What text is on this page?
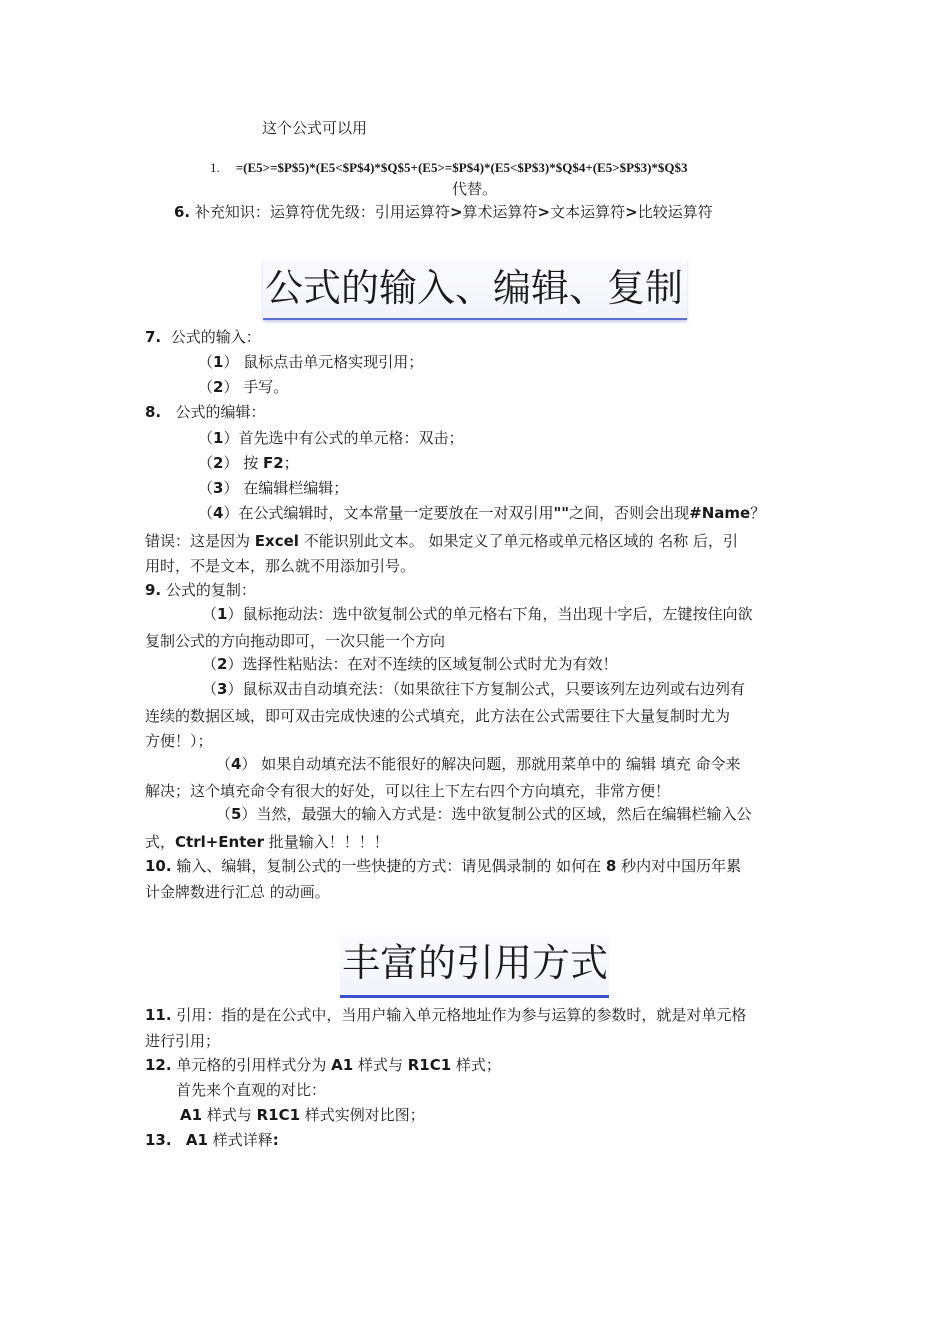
这个公式可以用
1. =(E5>=$P$5)*(E5<$P$4)*$Q$5+(E5>=$P$4)*(E5<$P$3)*$Q$4+(E5>$P$3)*$Q$3
代替。
6. 补充知识：运算符优先级：引用运算符>算术运算符>文本运算符>比较运算符
公式的输入、编辑、复制
7. 公式的输入：
（1） 鼠标点击单元格实现引用；
（2） 手写。
8. 公式的编辑：
（1）首先选中有公式的单元格：双击；
（2） 按 F2；
（3） 在编辑栏编辑；
（4）在公式编辑时，文本常量一定要放在一对双引用""之间，否则会出现#Name？
错误：这是因为 Excel 不能识别此文本。 如果定义了单元格或单元格区域的 名称 后，引
用时，不是文本，那么就不用添加引号。
9. 公式的复制：
（1）鼠标拖动法：选中欲复制公式的单元格右下角，当出现十字后，左键按住向欲
复制公式的方向拖动即可，一次只能一个方向
（2）选择性粘贴法：在对不连续的区域复制公式时尤为有效！
（3）鼠标双击自动填充法：（如果欲往下方复制公式，只要该列左边列或右边列有
连续的数据区域，即可双击完成快速的公式填充，此方法在公式需要往下大量复制时尤为
方便！）；
（4） 如果自动填充法不能很好的解决问题，那就用菜单中的 编辑 填充 命令来
解决；这个填充命令有很大的好处，可以往上下左右四个方向填充，非常方便！
（5）当然，最强大的输入方式是：选中欲复制公式的区域，然后在编辑栏输入公
式，Ctrl+Enter 批量输入！！！！
10. 输入、编辑，复制公式的一些快捷的方式：请见偶录制的 如何在 8 秒内对中国历年累
计金牌数进行汇总 的动画。
丰富的引用方式
11. 引用：指的是在公式中，当用户输入单元格地址作为参与运算的参数时，就是对单元格
进行引用；
12. 单元格的引用样式分为 A1 样式与 R1C1 样式；
首先来个直观的对比：
A1 样式与 R1C1 样式实例对比图；
13. A1 样式详释:
